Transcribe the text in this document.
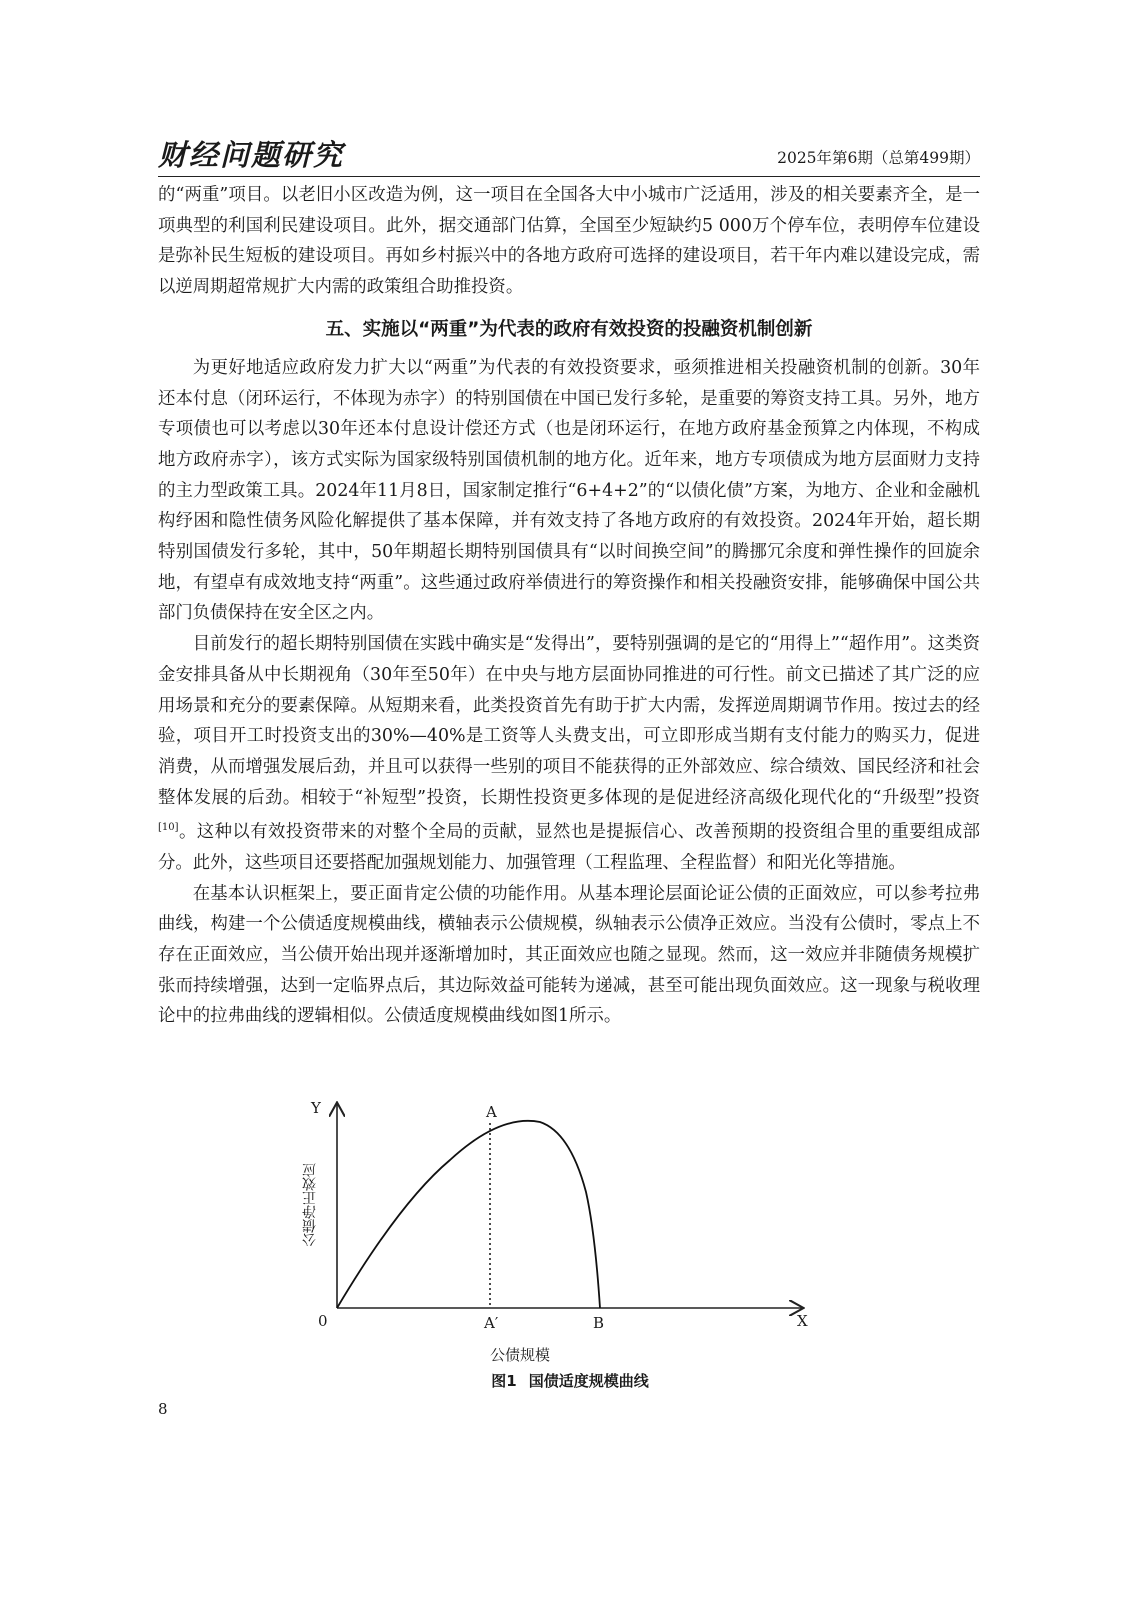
财经问题研究	2025年第6期（总第499期）

的“两重”项目。以老旧小区改造为例，这一项目在全国各大中小城市广泛适用，涉及的相关要素齐全，是一项典型的利国利民建设项目。此外，据交通部门估算，全国至少短缺约5 000万个停车位，表明停车位建设是弥补民生短板的建设项目。再如乡村振兴中的各地方政府可选择的建设项目，若干年内难以建设完成，需以逆周期超常规扩大内需的政策组合助推投资。

五、实施以“两重”为代表的政府有效投资的投融资机制创新

为更好地适应政府发力扩大以“两重”为代表的有效投资要求，亟须推进相关投融资机制的创新。30年还本付息（闭环运行，不体现为赤字）的特别国债在中国已发行多轮，是重要的筹资支持工具。另外，地方专项债也可以考虑以30年还本付息设计偿还方式（也是闭环运行，在地方政府基金预算之内体现，不构成地方政府赤字），该方式实际为国家级特别国债机制的地方化。近年来，地方专项债成为地方层面财力支持的主力型政策工具。2024年11月8日，国家制定推行“6+4+2”的“以债化债”方案，为地方、企业和金融机构纾困和隐性债务风险化解提供了基本保障，并有效支持了各地方政府的有效投资。2024年开始，超长期特别国债发行多轮，其中，50年期超长期特别国债具有“以时间换空间”的腾挪冗余度和弹性操作的回旋余地，有望卓有成效地支持“两重”。这些通过政府举债进行的筹资操作和相关投融资安排，能够确保中国公共部门负债保持在安全区之内。

目前发行的超长期特别国债在实践中确实是“发得出”，要特别强调的是它的“用得上”“超作用”。这类资金安排具备从中长期视角（30年至50年）在中央与地方层面协同推进的可行性。前文已描述了其广泛的应用场景和充分的要素保障。从短期来看，此类投资首先有助于扩大内需，发挥逆周期调节作用。按过去的经验，项目开工时投资支出的30%—40%是工资等人头费支出，可立即形成当期有支付能力的购买力，促进消费，从而增强发展后劲，并且可以获得一些别的项目不能获得的正外部效应、综合绩效、国民经济和社会整体发展的后劲。相较于“补短型”投资，长期性投资更多体现的是促进经济高级化现代化的“升级型”投资[10]。这种以有效投资带来的对整个全局的贡献，显然也是提振信心、改善预期的投资组合里的重要组成部分。此外，这些项目还要搭配加强规划能力、加强管理（工程监理、全程监督）和阳光化等措施。

在基本认识框架上，要正面肯定公债的功能作用。从基本理论层面论证公债的正面效应，可以参考拉弗曲线，构建一个公债适度规模曲线，横轴表示公债规模，纵轴表示公债净正效应。当没有公债时，零点上不存在正面效应，当公债开始出现并逐渐增加时，其正面效应也随之显现。然而，这一效应并非随债务规模扩张而持续增强，达到一定临界点后，其边际效益可能转为递减，甚至可能出现负面效应。这一现象与税收理论中的拉弗曲线的逻辑相似。公债适度规模曲线如图1所示。

Y	A
0	A′	B	X
公债净正效应
公债规模
图1 国债适度规模曲线
8
